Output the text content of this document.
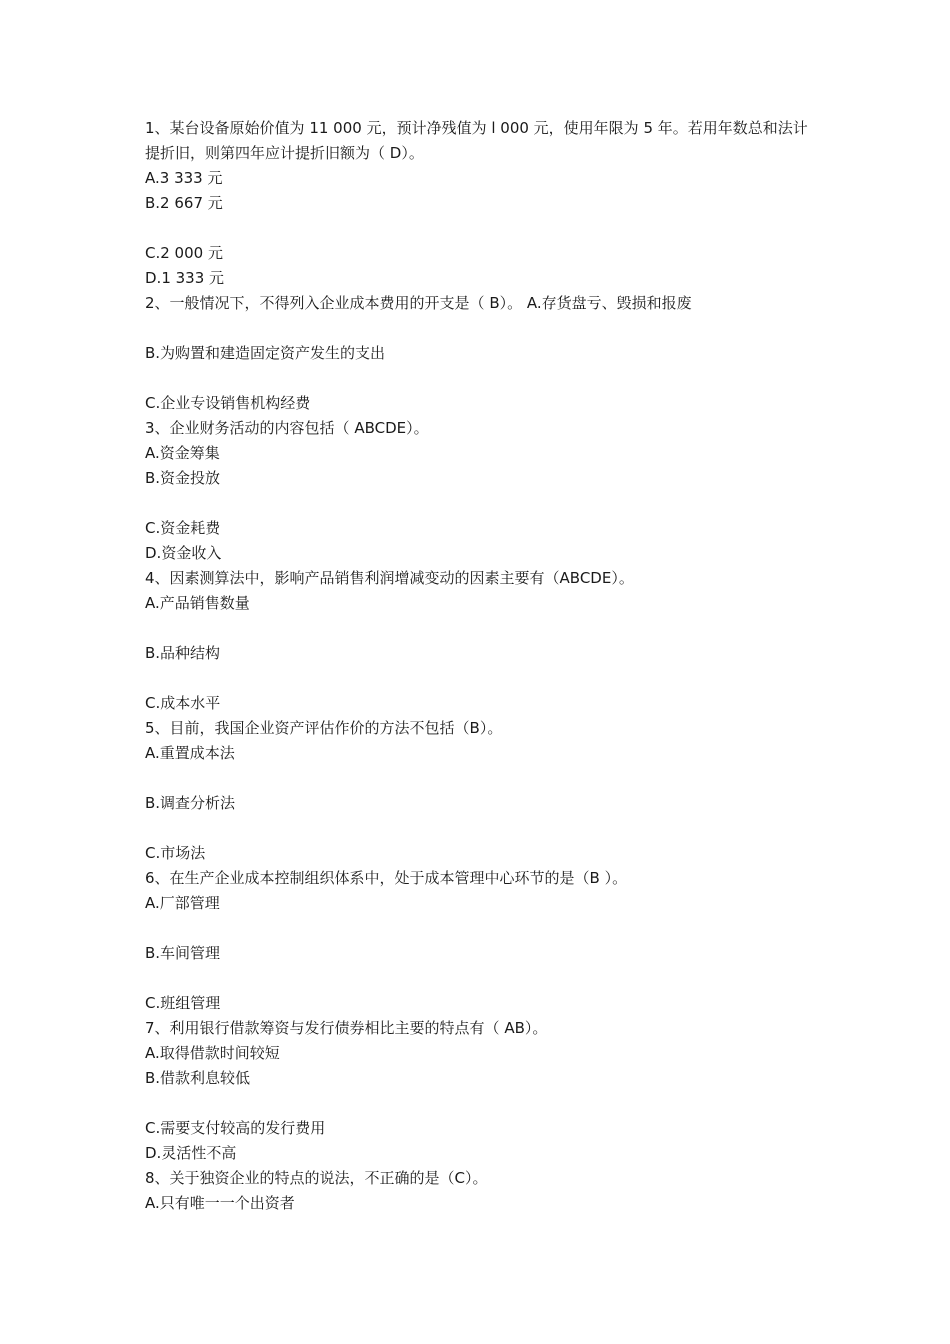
1、某台设备原始价值为 11 000 元，预计净残值为 l 000 元，使用年限为 5 年。若用年数总和法计提折旧，则第四年应计提折旧额为（ D）。
A.3 333 元
B.2 667 元
C.2 000 元
D.1 333 元
2、一般情况下，不得列入企业成本费用的开支是（ B）。 A.存货盘亏、毁损和报废
B.为购置和建造固定资产发生的支出
C.企业专设销售机构经费
3、企业财务活动的内容包括（ ABCDE）。
A.资金筹集
B.资金投放
C.资金耗费
D.资金收入
4、因素测算法中，影响产品销售利润增减变动的因素主要有（ABCDE）。
A.产品销售数量
B.品种结构
C.成本水平
5、目前，我国企业资产评估作价的方法不包括（B）。
A.重置成本法
B.调查分析法
C.市场法
6、在生产企业成本控制组织体系中，处于成本管理中心环节的是（B ）。
A.厂部管理
B.车间管理
C.班组管理
7、利用银行借款筹资与发行债券相比主要的特点有（ AB）。
A.取得借款时间较短
B.借款利息较低
C.需要支付较高的发行费用
D.灵活性不高
8、关于独资企业的特点的说法，不正确的是（C）。
A.只有唯一一个出资者
